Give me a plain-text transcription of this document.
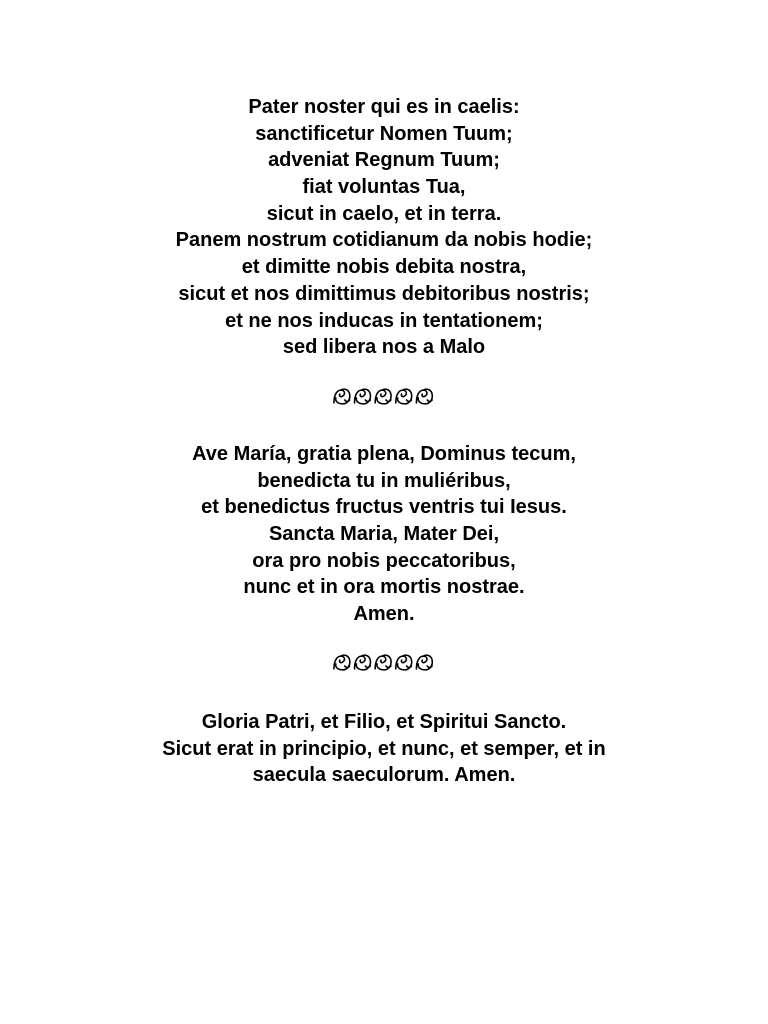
Pater noster qui es in caelis:
sanctificetur Nomen Tuum;
adveniat Regnum Tuum;
fiat voluntas Tua,
sicut in caelo, et in terra.
Panem nostrum cotidianum da nobis hodie;
et dimitte nobis debita nostra,
sicut et nos dimittimus debitoribus nostris;
et ne nos inducas in tentationem;
sed libera nos a Malo
Ave María, gratia plena, Dominus tecum,
benedicta tu in muliéribus,
et benedictus fructus ventris tui Iesus.
Sancta Maria, Mater Dei,
ora pro nobis peccatoribus,
nunc et in ora mortis nostrae.
Amen.
Gloria Patri, et Filio, et Spiritui Sancto.
Sicut erat in principio, et nunc, et semper, et in
saecula saeculorum. Amen.
